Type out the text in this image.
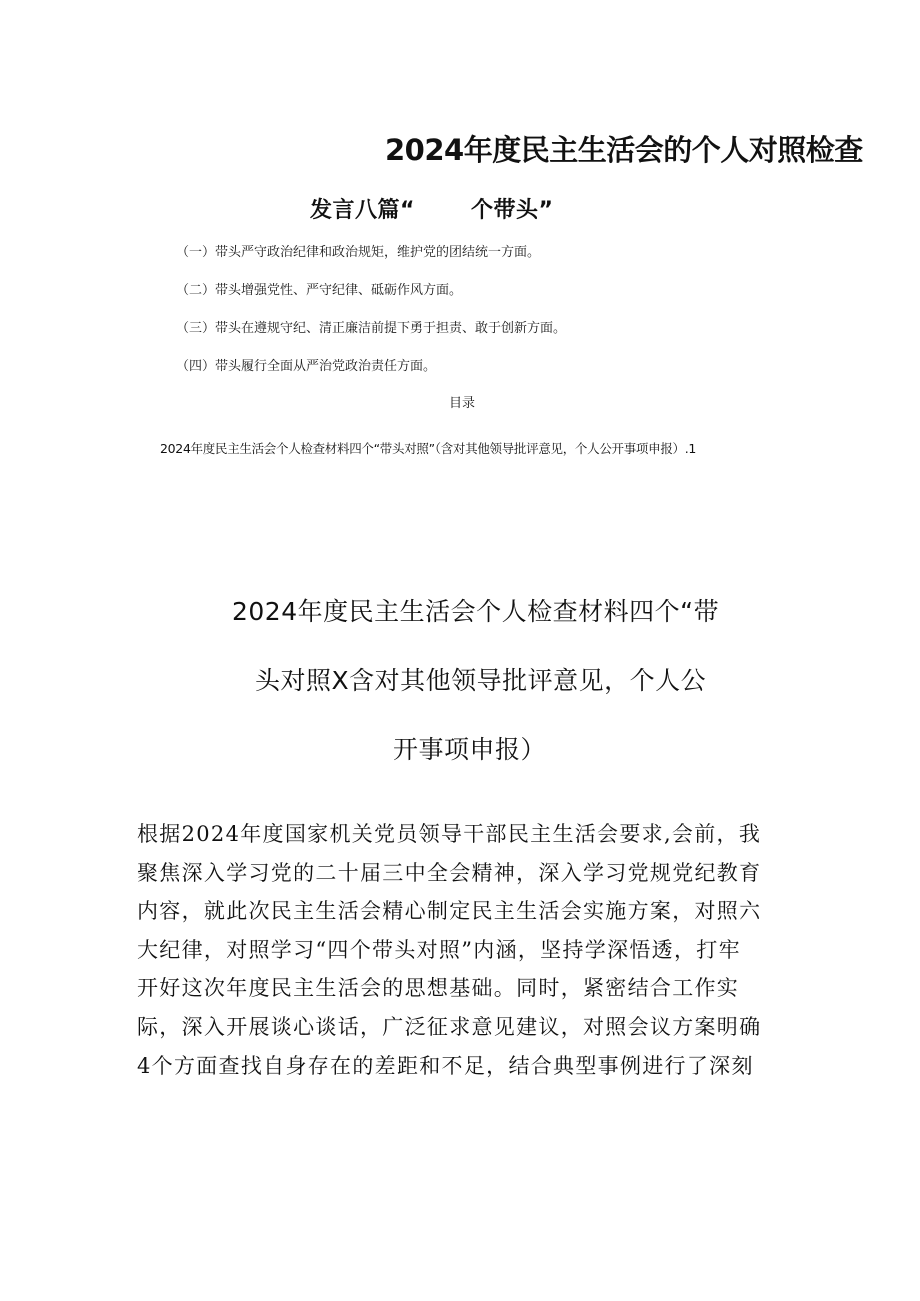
2024年度民主生活会的个人对照检查
发言八篇“	个带头”
（一）带头严守政治纪律和政治规矩，维护党的团结统一方面。
（二）带头增强党性、严守纪律、砥砺作风方面。
（三）带头在遵规守纪、清正廉洁前提下勇于担责、敢于创新方面。
（四）带头履行全面从严治党政治责任方面。
目录
2024年度民主生活会个人检查材料四个“带头对照”（含对其他领导批评意见，个人公开事项申报）.1
2024年度民主生活会个人检查材料四个“带
头对照X含对其他领导批评意见，个人公
开事项申报）
根据2024年度国家机关党员领导干部民主生活会要求,会前，我
聚焦深入学习党的二十届三中全会精神，深入学习党规党纪教育
内容，就此次民主生活会精心制定民主生活会实施方案，对照六
大纪律，对照学习“四个带头对照”内涵，坚持学深悟透，打牢
开好这次年度民主生活会的思想基础。同时，紧密结合工作实
际，深入开展谈心谈话，广泛征求意见建议，对照会议方案明确
4个方面查找自身存在的差距和不足，结合典型事例进行了深刻
